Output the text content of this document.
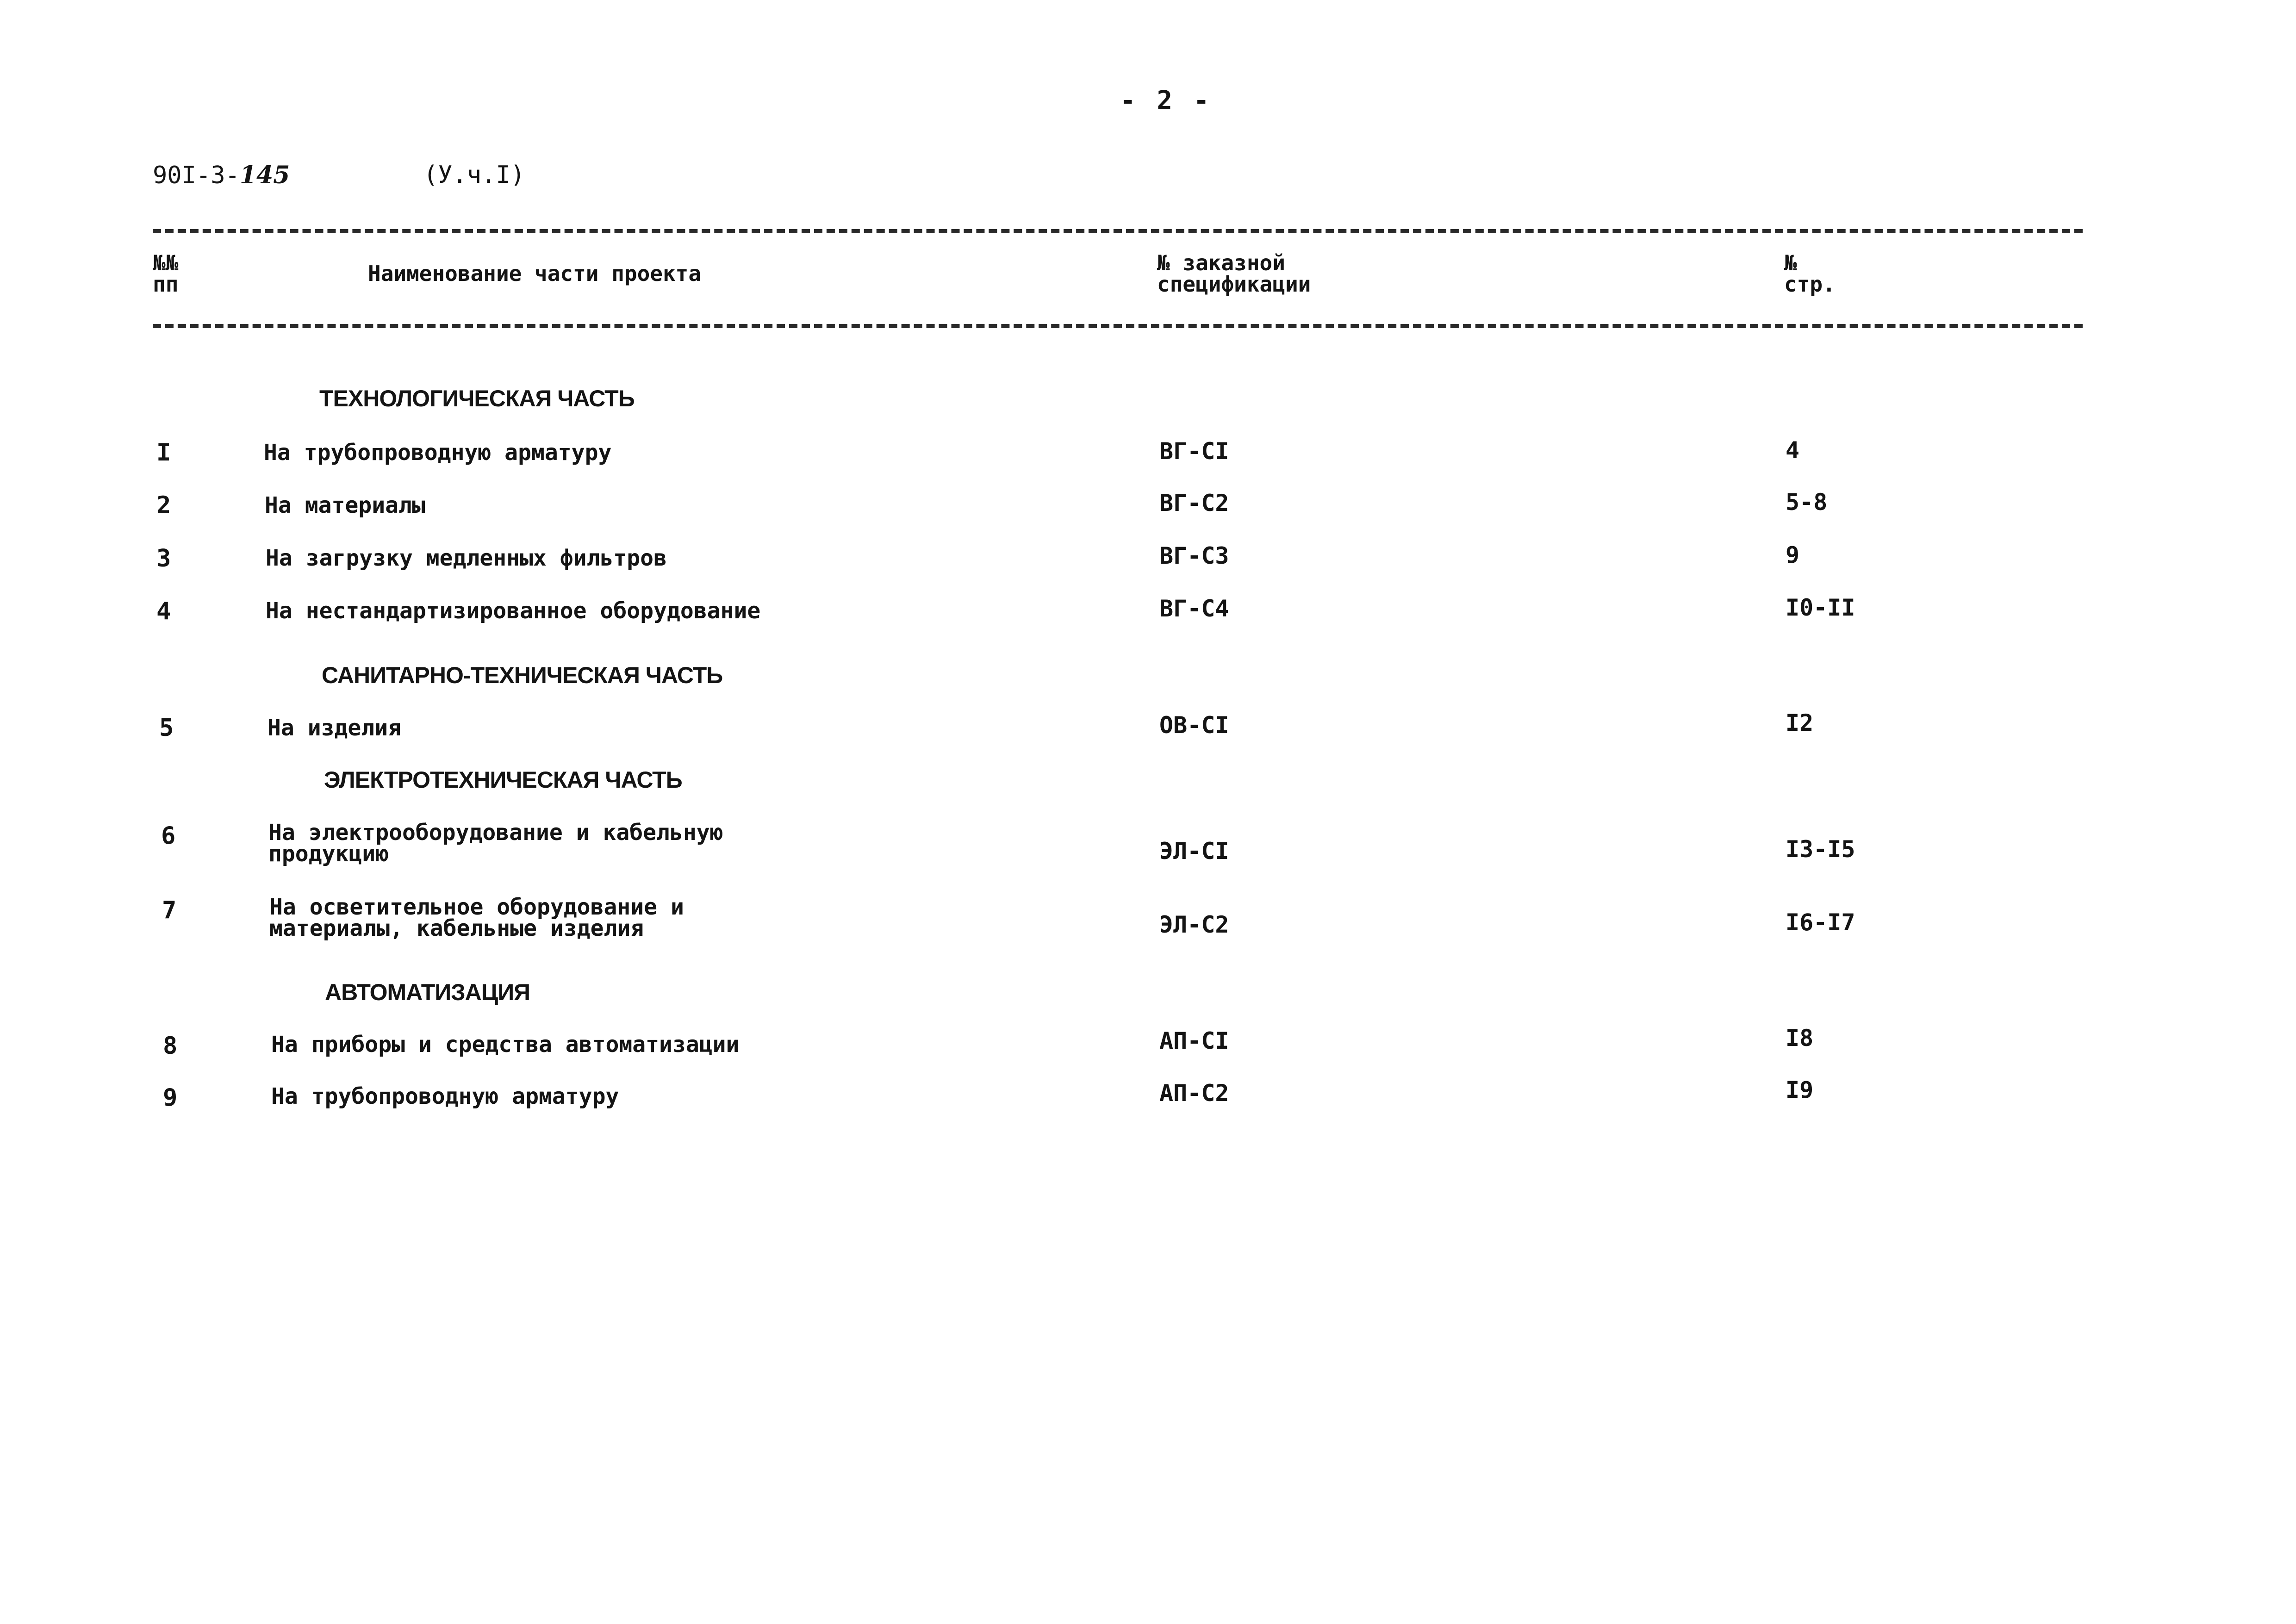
- 2 -
90I-3-145	(У.ч.I)
№№
пп	Наименование части проекта	№ заказной
спецификации
№
стр.
ТЕХНОЛОГИЧЕСКАЯ ЧАСТЬ
I	На трубопроводную арматуру	ВГ-СI	4
2	На материалы	ВГ-С2	5-8
3	На загрузку медленных фильтров	ВГ-С3	9
4	На нестандартизированное оборудование	ВГ-С4	I0-II
САНИТАРНО-ТЕХНИЧЕСКАЯ ЧАСТЬ
5	На изделия	ОВ-СI	I2
ЭЛЕКТРОТЕХНИЧЕСКАЯ ЧАСТЬ
6	На электрооборудование и кабельную
продукцию	ЭЛ-СI	I3-I5
7	На осветительное оборудование и
материалы, кабельные изделия	ЭЛ-С2	I6-I7
АВТОМАТИЗАЦИЯ
8	На приборы и средства автоматизации	АП-СI	I8
9	На трубопроводную арматуру	АП-С2	I9
